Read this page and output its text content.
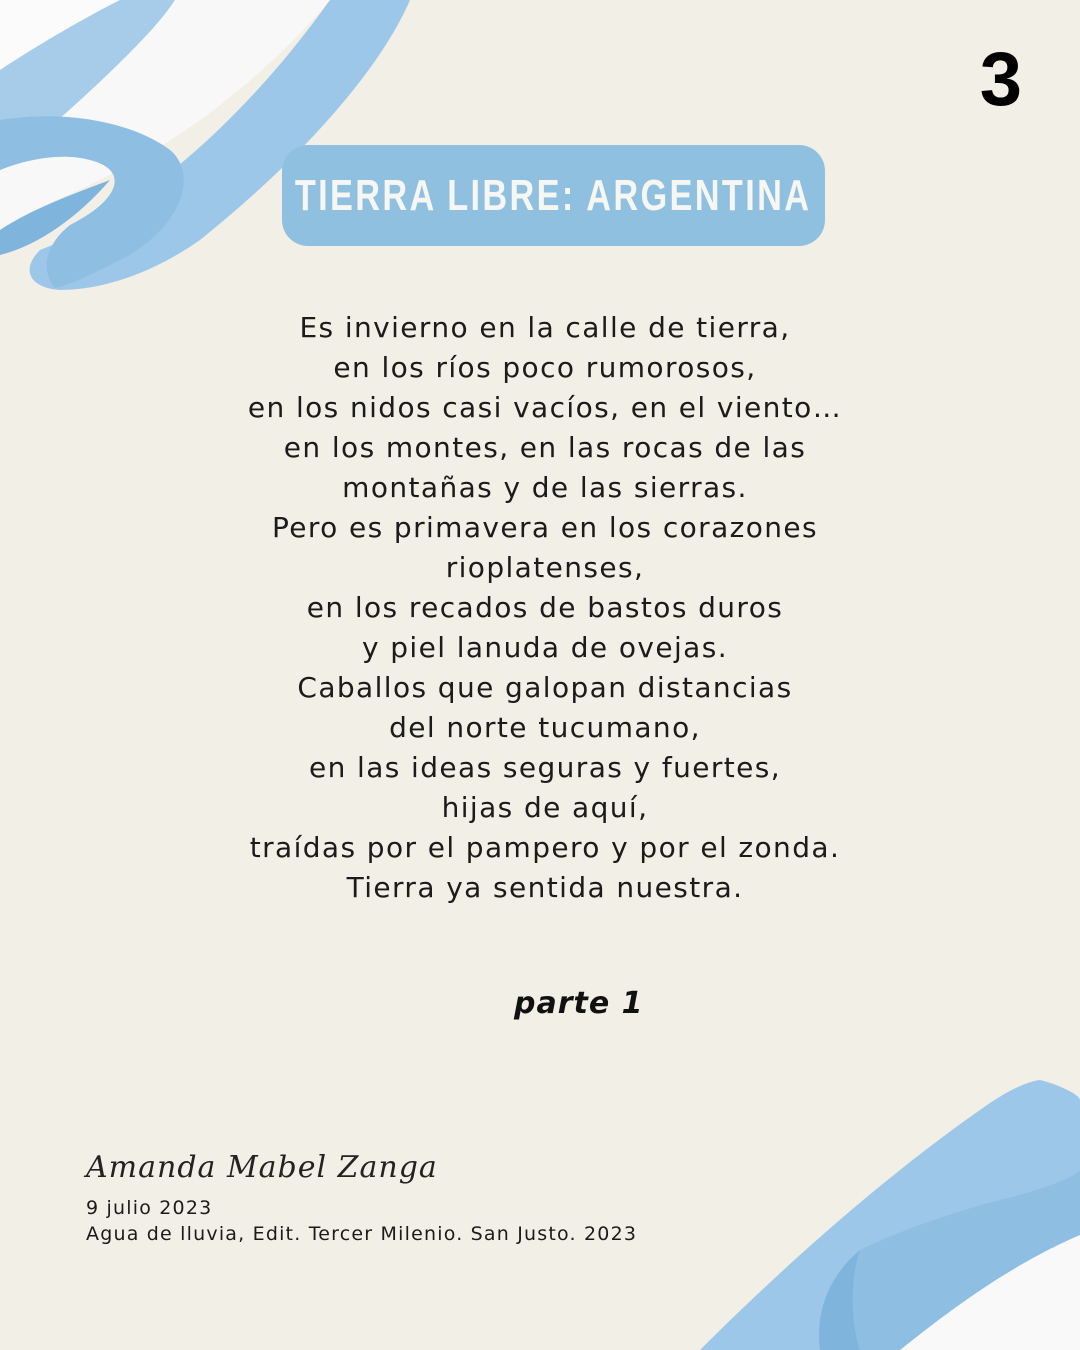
3
TIERRA LIBRE: ARGENTINA
Es invierno en la calle de tierra,
en los ríos poco rumorosos,
en los nidos casi vacíos, en el viento…
en los montes, en las rocas de las
montañas y de las sierras.
Pero es primavera en los corazones
rioplatenses,
en los recados de bastos duros
y piel lanuda de ovejas.
Caballos que galopan distancias
del norte tucumano,
en las ideas seguras y fuertes,
hijas de aquí,
traídas por el pampero y por el zonda.
Tierra ya sentida nuestra.
parte 1
Amanda Mabel Zanga
9 julio 2023
Agua de lluvia, Edit. Tercer Milenio. San Justo. 2023
